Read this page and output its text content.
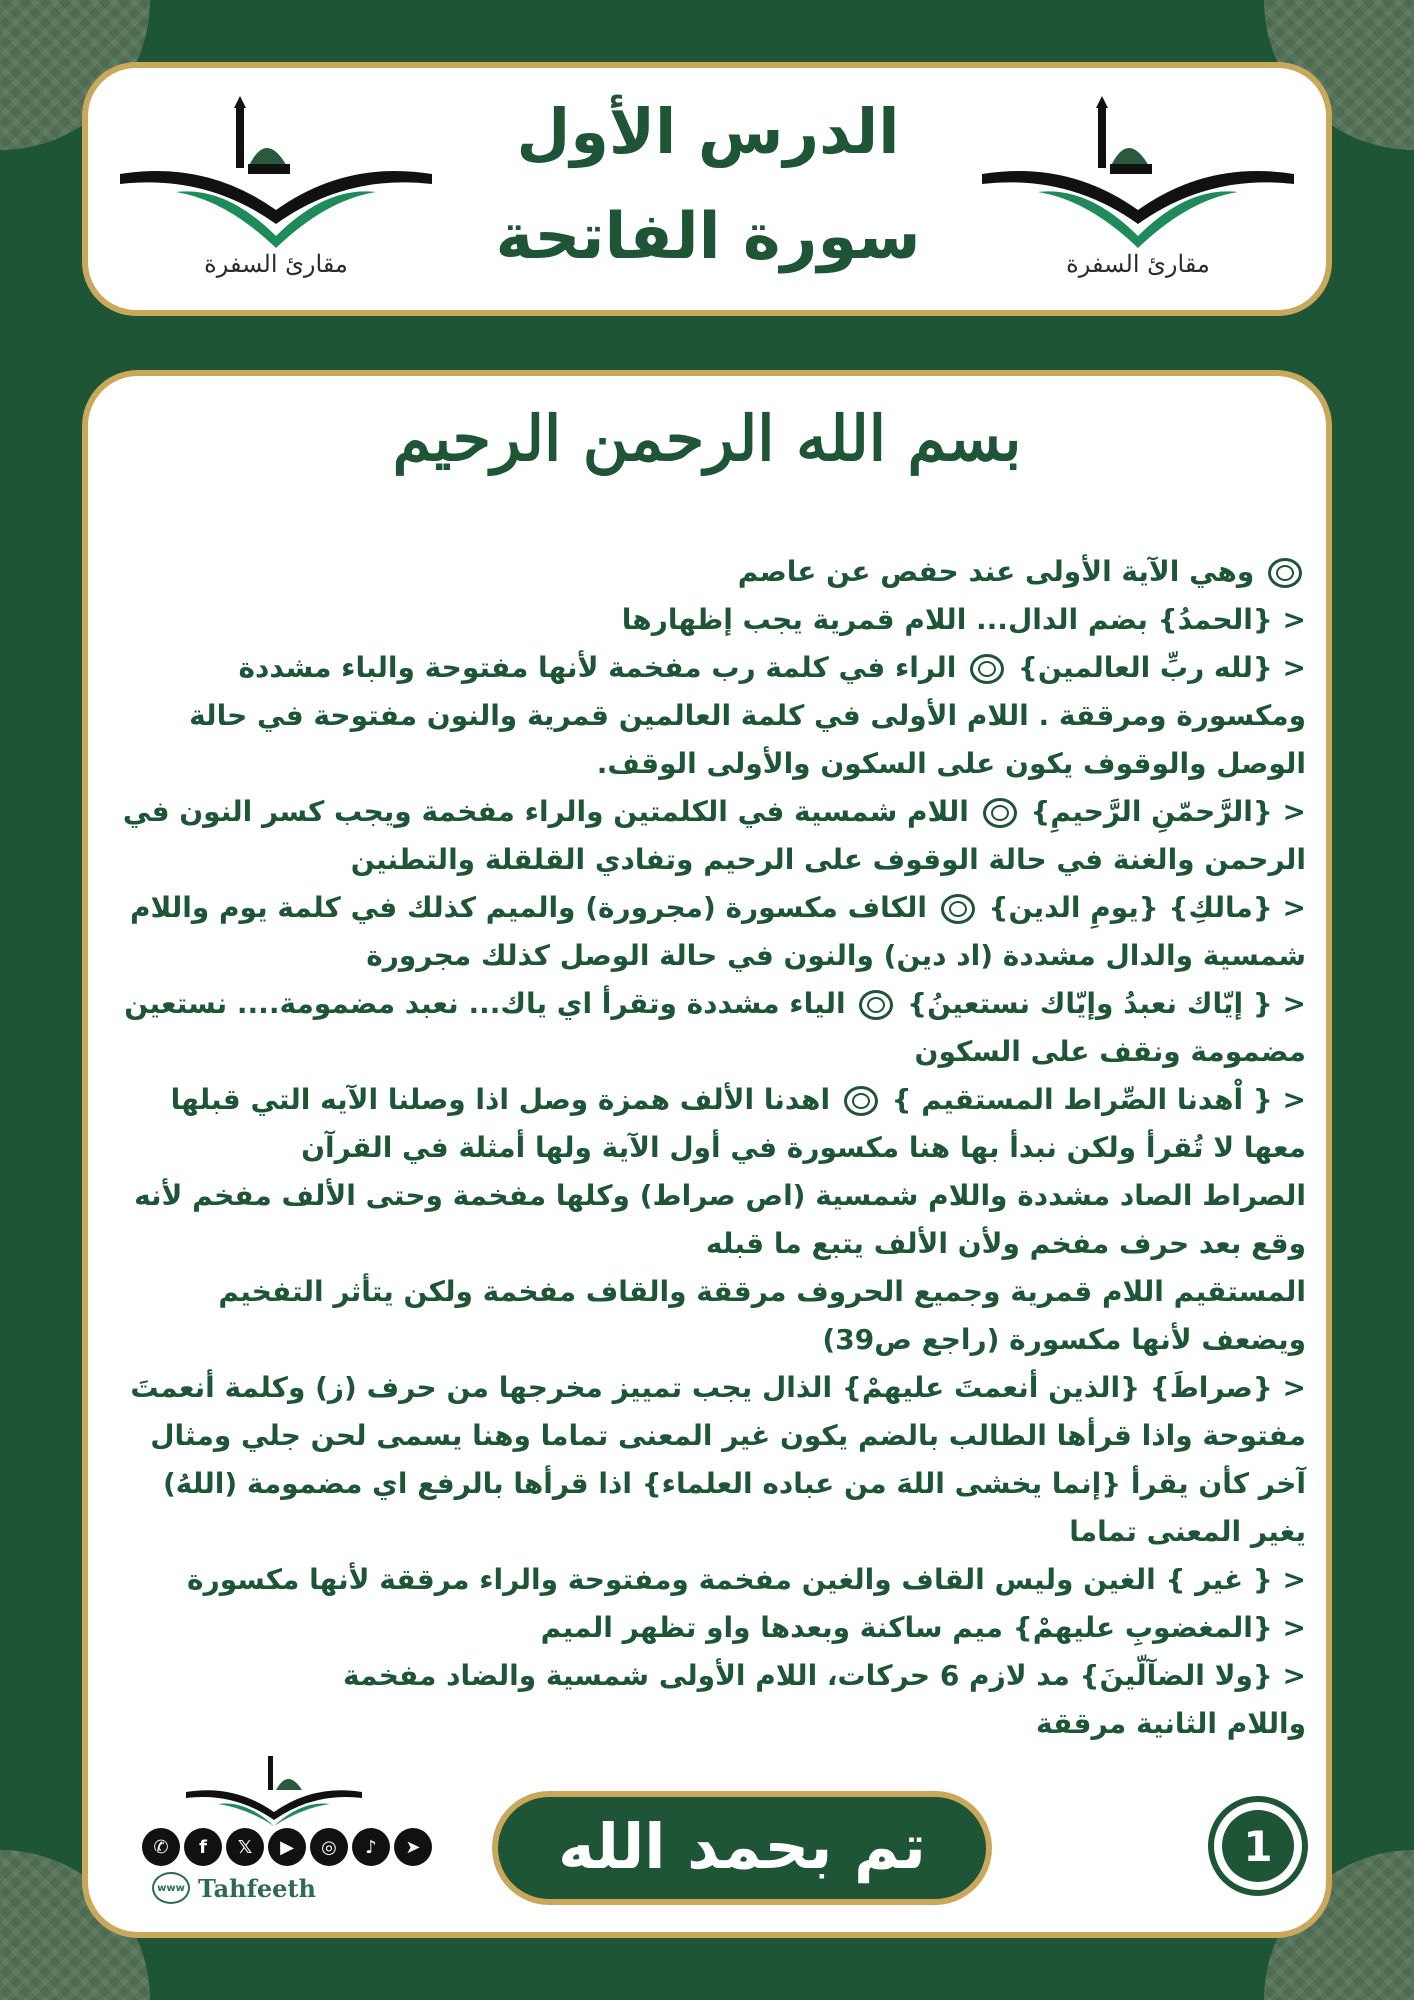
مقارئ السفرة
الدرس الأول
سورة الفاتحة
مقارئ السفرة
بسم الله الرحمن الرحيم

وهي الآية الأولى عند حفص عن عاصم

< {الحمدُ} بضم الدال... اللام قمرية يجب إظهارها

< {لله ربِّ العالمين}  الراء في كلمة رب مفخمة لأنها مفتوحة والباء مشددة ومكسورة ومرققة . اللام الأولى في كلمة العالمين قمرية والنون مفتوحة في حالة الوصل والوقوف يكون على السكون والأولى الوقف.

< {الرَّحمّنِ الرَّحيمِ}  اللام شمسية في الكلمتين والراء مفخمة ويجب كسر النون في الرحمن والغنة في حالة الوقوف على الرحيم وتفادي القلقلة والتطنين

< {مالكِ} {يومِ الدين}  الكاف مكسورة (مجرورة) والميم كذلك في كلمة يوم واللام شمسية والدال مشددة (اد دين) والنون في حالة الوصل كذلك مجرورة

< { إيّاك نعبدُ وإيّاك نستعينُ}  الياء مشددة وتقرأ اي ياك... نعبد مضمومة.... نستعين مضمومة ونقف على السكون

< { اْهدنا الصِّراط المستقيم }  اهدنا الألف همزة وصل اذا وصلنا الآيه التي قبلها معها لا تُقرأ ولكن نبدأ بها هنا مكسورة في أول الآية ولها أمثلة في القرآن

الصراط الصاد مشددة واللام شمسية (اص صراط) وكلها مفخمة وحتى الألف مفخم لأنه وقع بعد حرف مفخم ولأن الألف يتبع ما قبله

المستقيم اللام قمرية وجميع الحروف مرققة والقاف مفخمة ولكن يتأثر التفخيم ويضعف لأنها مكسورة (راجع ص39)

< {صراطَ} {الذين أنعمتَ عليهمْ} الذال يجب تمييز مخرجها من حرف (ز) وكلمة أنعمتَ مفتوحة واذا قرأها الطالب بالضم يكون غير المعنى تماما وهنا يسمى لحن جلي ومثال آخر كأن يقرأ {إنما يخشى اللهَ من عباده العلماء} اذا قرأها بالرفع اي مضمومة (اللهُ) يغير المعنى تماما

< { غير } الغين وليس القاف والغين مفخمة ومفتوحة والراء مرققة لأنها مكسورة

< {المغضوبِ عليهمْ} ميم ساكنة وبعدها واو تظهر الميم

< {ولا الضآلّينَ} مد لازم 6 حركات، اللام الأولى شمسية والضاد مفخمة واللام الثانية مرققة

✆	f	𝕏	▶	◎	♪	➤
www Tahfeeth
تم بحمد الله	1
